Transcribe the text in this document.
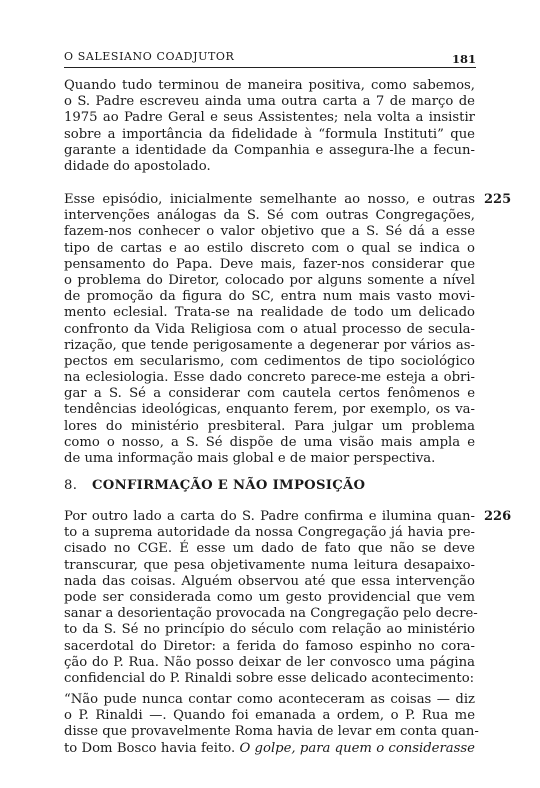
O SALESIANO COADJUTOR	181
Quando tudo terminou de maneira positiva, como sabemos,
o S. Padre escreveu ainda uma outra carta a 7 de março de
1975 ao Padre Geral e seus Assistentes; nela volta a insistir
sobre a importância da fidelidade à “formula Instituti” que
garante a identidade da Companhia e assegura-lhe a fecun-
didade do apostolado.
Esse episódio, inicialmente semelhante ao nosso, e outras
intervenções análogas da S. Sé com outras Congregações,
fazem-nos conhecer o valor objetivo que a S. Sé dá a esse
tipo de cartas e ao estilo discreto com o qual se indica o
pensamento do Papa. Deve mais, fazer-nos considerar que
o problema do Diretor, colocado por alguns somente a nível
de promoção da figura do SC, entra num mais vasto movi-
mento eclesial. Trata-se na realidade de todo um delicado
confronto da Vida Religiosa com o atual processo de secula-
rização, que tende perigosamente a degenerar por vários as-
pectos em secularismo, com cedimentos de tipo sociológico
na eclesiologia. Esse dado concreto parece-me esteja a obri-
gar a S. Sé a considerar com cautela certos fenômenos e
tendências ideológicas, enquanto ferem, por exemplo, os va-
lores do ministério presbiteral. Para julgar um problema
como o nosso, a S. Sé dispõe de uma visão mais ampla e
de uma informação mais global e de maior perspectiva.
225
8. CONFIRMAÇÃO E NÃO IMPOSIÇÃO
Por outro lado a carta do S. Padre confirma e ilumina quan-
to a suprema autoridade da nossa Congregação já havia pre-
cisado no CGE. É esse um dado de fato que não se deve
transcurar, que pesa objetivamente numa leitura desapaixo-
nada das coisas. Alguém observou até que essa intervenção
pode ser considerada como um gesto providencial que vem
sanar a desorientação provocada na Congregação pelo decre-
to da S. Sé no princípio do século com relação ao ministério
sacerdotal do Diretor: a ferida do famoso espinho no cora-
ção do P. Rua. Não posso deixar de ler convosco uma página
confidencial do P. Rinaldi sobre esse delicado acontecimento:
226
“Não pude nunca contar como aconteceram as coisas — diz
o P. Rinaldi —. Quando foi emanada a ordem, o P. Rua me
disse que provavelmente Roma havia de levar em conta quan-
to Dom Bosco havia feito. O golpe, para quem o considerasse
